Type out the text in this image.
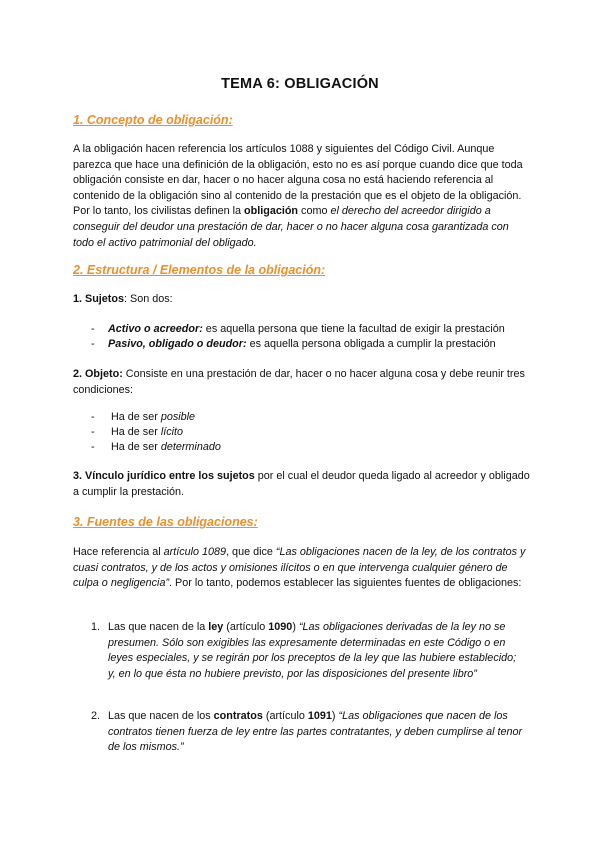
TEMA 6: OBLIGACIÓN
1. Concepto de obligación:

A la obligación hacen referencia los artículos 1088 y siguientes del Código Civil. Aunque parezca que hace una definición de la obligación, esto no es así porque cuando dice que toda obligación consiste en dar, hacer o no hacer alguna cosa no está haciendo referencia al contenido de la obligación sino al contenido de la prestación que es el objeto de la obligación. Por lo tanto, los civilistas definen la obligación como el derecho del acreedor dirigido a conseguir del deudor una prestación de dar, hacer o no hacer alguna cosa garantizada con todo el activo patrimonial del obligado.

2. Estructura / Elementos de la obligación:

1. Sujetos: Son dos:

- Activo o acreedor: es aquella persona que tiene la facultad de exigir la prestación

- Pasivo, obligado o deudor: es aquella persona obligada a cumplir la prestación

2. Objeto: Consiste en una prestación de dar, hacer o no hacer alguna cosa y debe reunir tres condiciones:

- Ha de ser posible

- Ha de ser lícito

- Ha de ser determinado

3. Vínculo jurídico entre los sujetos por el cual el deudor queda ligado al acreedor y obligado a cumplir la prestación.

3. Fuentes de las obligaciones:

Hace referencia al artículo 1089, que dice “Las obligaciones nacen de la ley, de los contratos y cuasi contratos, y de los actos y omisiones ilícitos o en que intervenga cualquier género de culpa o negligencia”. Por lo tanto, podemos establecer las siguientes fuentes de obligaciones:

1. Las que nacen de la ley (artículo 1090) “Las obligaciones derivadas de la ley no se presumen. Sólo son exigibles las expresamente determinadas en este Código o en leyes especiales, y se regirán por los preceptos de la ley que las hubiere establecido; y, en lo que ésta no hubiere previsto, por las disposiciones del presente libro”

2. Las que nacen de los contratos (artículo 1091) “Las obligaciones que nacen de los contratos tienen fuerza de ley entre las partes contratantes, y deben cumplirse al tenor de los mismos.”
